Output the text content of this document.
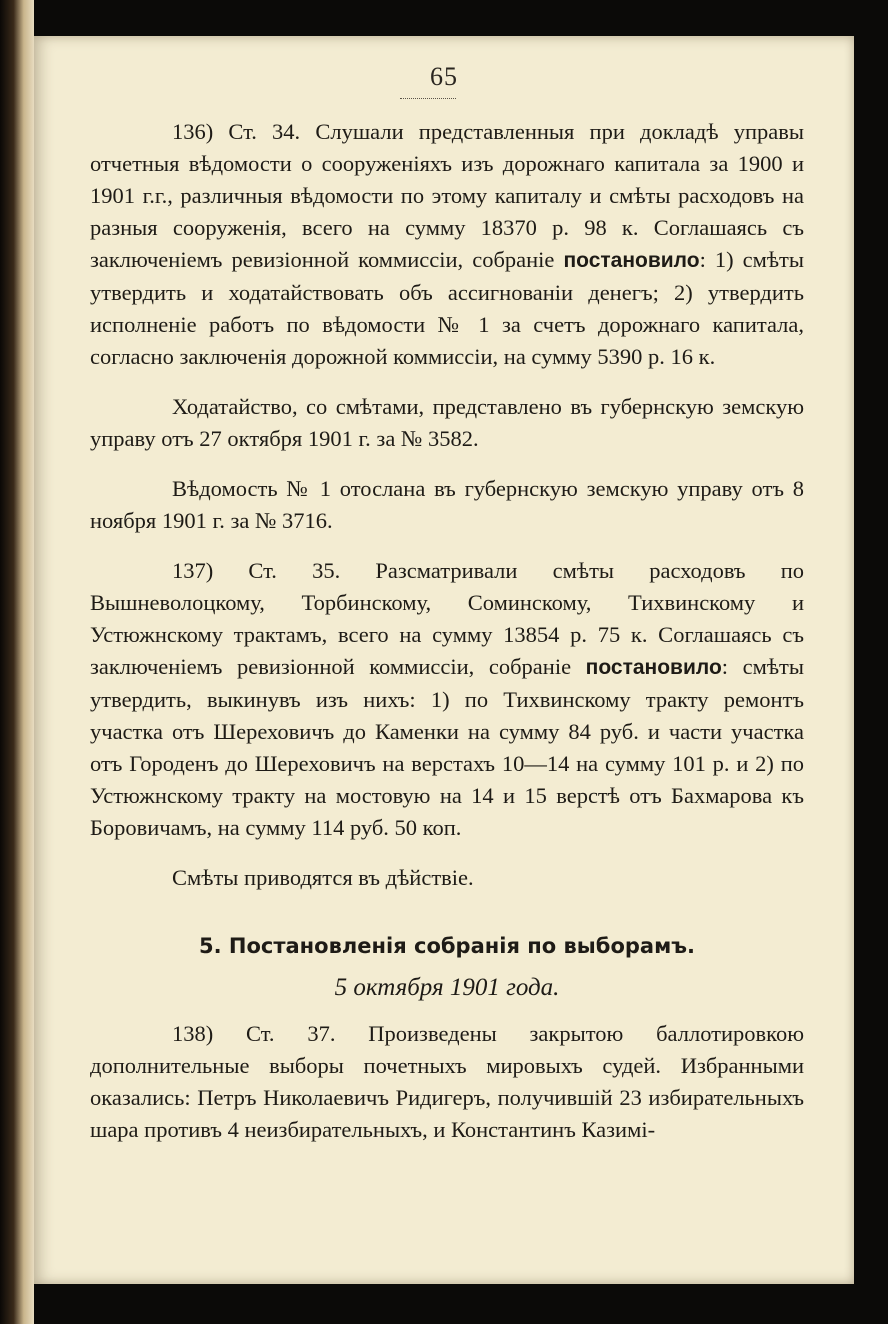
65

136) Ст. 34. Слушали представленныя при докладѣ управы отчетныя вѣдомости о сооруженіяхъ изъ дорожнаго капитала за 1900 и 1901 г.г., различныя вѣдомости по этому капиталу и смѣты расходовъ на разныя сооруженія, всего на сумму 18370 р. 98 к. Соглашаясь съ заключеніемъ ревизіонной коммиссіи, собраніе постановило: 1) смѣты утвердить и ходатайствовать объ ассигнованіи денегъ; 2) утвердить исполненіе работъ по вѣдомости № 1 за счетъ дорожнаго капитала, согласно заключенія дорожной коммиссіи, на сумму 5390 р. 16 к.

Ходатайство, со смѣтами, представлено въ губернскую земскую управу отъ 27 октября 1901 г. за № 3582.

Вѣдомость № 1 отослана въ губернскую земскую управу отъ 8 ноября 1901 г. за № 3716.

137) Ст. 35. Разсматривали смѣты расходовъ по Вышневолоцкому, Торбинскому, Соминскому, Тихвинскому и Устюжнскому трактамъ, всего на сумму 13854 р. 75 к. Соглашаясь съ заключеніемъ ревизіонной коммиссіи, собраніе постановило: смѣты утвердить, выкинувъ изъ нихъ: 1) по Тихвинскому тракту ремонтъ участка отъ Шереховичъ до Каменки на сумму 84 руб. и части участка отъ Городенъ до Шереховичъ на верстахъ 10—14 на сумму 101 р. и 2) по Устюжнскому тракту на мостовую на 14 и 15 верстѣ отъ Бахмарова къ Боровичамъ, на сумму 114 руб. 50 коп.

Смѣты приводятся въ дѣйствіе.

5. Постановленія собранія по выборамъ.
5 октября 1901 года.

138) Ст. 37. Произведены закрытою баллотировкою дополнительные выборы почетныхъ мировыхъ судей. Избранными оказались: Петръ Николаевичъ Ридигеръ, получившій 23 избирательныхъ шара противъ 4 неизбирательныхъ, и Константинъ Казимі-
